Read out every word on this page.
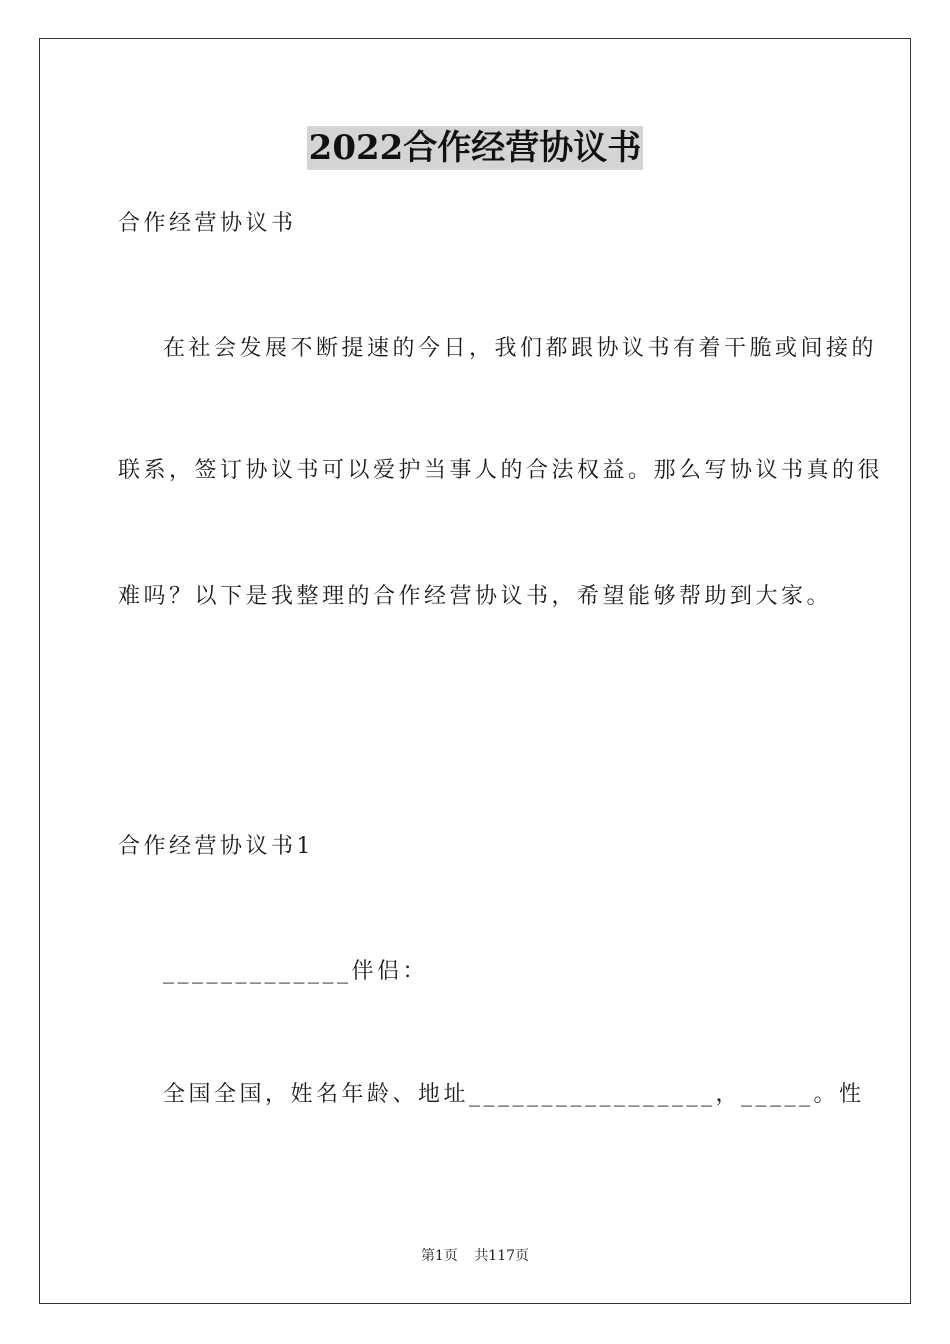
2022合作经营协议书
合作经营协议书
在社会发展不断提速的今日，我们都跟协议书有着干脆或间接的
联系，签订协议书可以爱护当事人的合法权益。那么写协议书真的很
难吗？以下是我整理的合作经营协议书，希望能够帮助到大家。
合作经营协议书1
_____________伴侣：
全国全国，姓名年龄、地址_________________，_____。性
第1页 共117页
